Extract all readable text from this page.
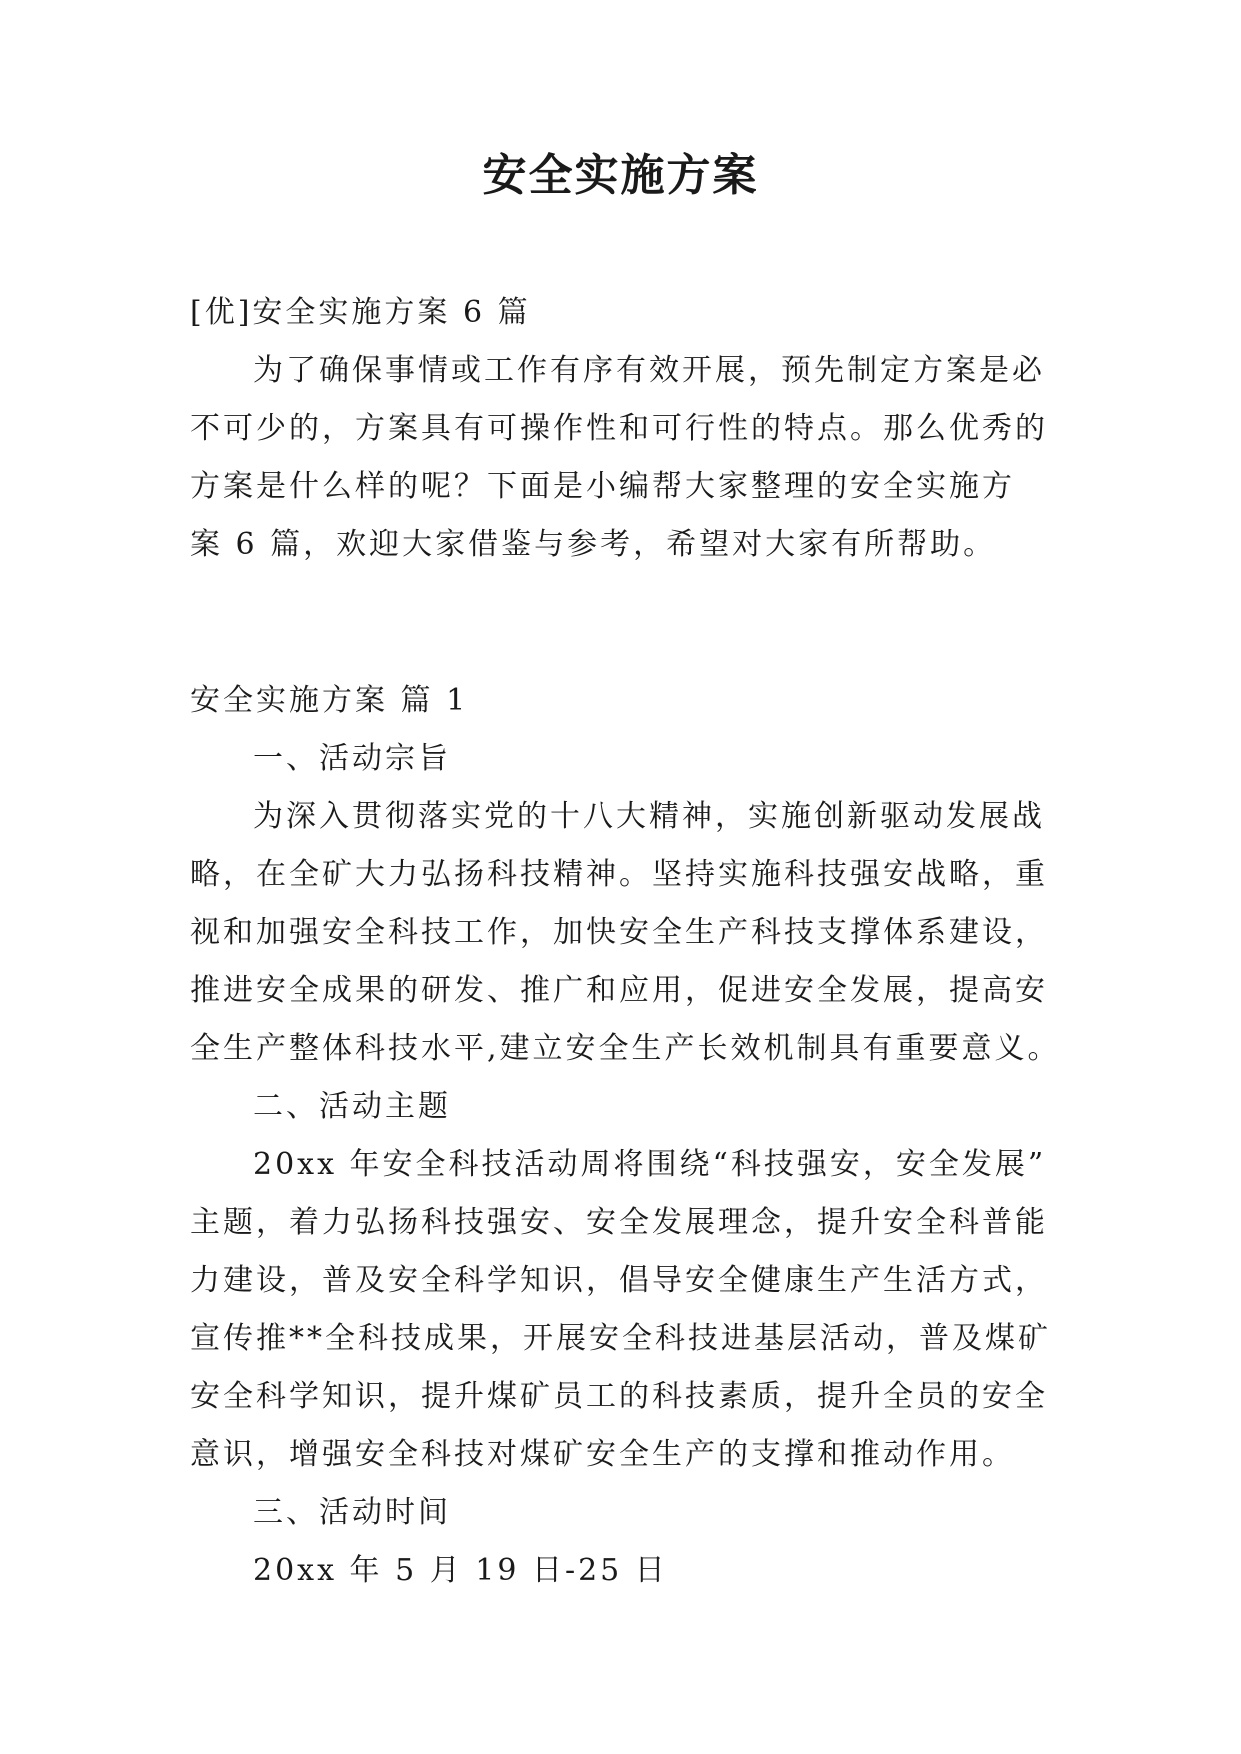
安全实施方案
[优]安全实施方案 6 篇
为了确保事情或工作有序有效开展，预先制定方案是必
不可少的，方案具有可操作性和可行性的特点。那么优秀的
方案是什么样的呢？下面是小编帮大家整理的安全实施方
案 6 篇，欢迎大家借鉴与参考，希望对大家有所帮助。
安全实施方案 篇 1
一、活动宗旨
为深入贯彻落实党的十八大精神，实施创新驱动发展战
略，在全矿大力弘扬科技精神。坚持实施科技强安战略，重
视和加强安全科技工作，加快安全生产科技支撑体系建设，
推进安全成果的研发、推广和应用，促进安全发展，提高安
全生产整体科技水平,建立安全生产长效机制具有重要意义。
二、活动主题
20xx 年安全科技活动周将围绕“科技强安，安全发展”
主题，着力弘扬科技强安、安全发展理念，提升安全科普能
力建设，普及安全科学知识，倡导安全健康生产生活方式，
宣传推**全科技成果，开展安全科技进基层活动，普及煤矿
安全科学知识，提升煤矿员工的科技素质，提升全员的安全
意识，增强安全科技对煤矿安全生产的支撑和推动作用。
三、活动时间
20xx 年 5 月 19 日-25 日
